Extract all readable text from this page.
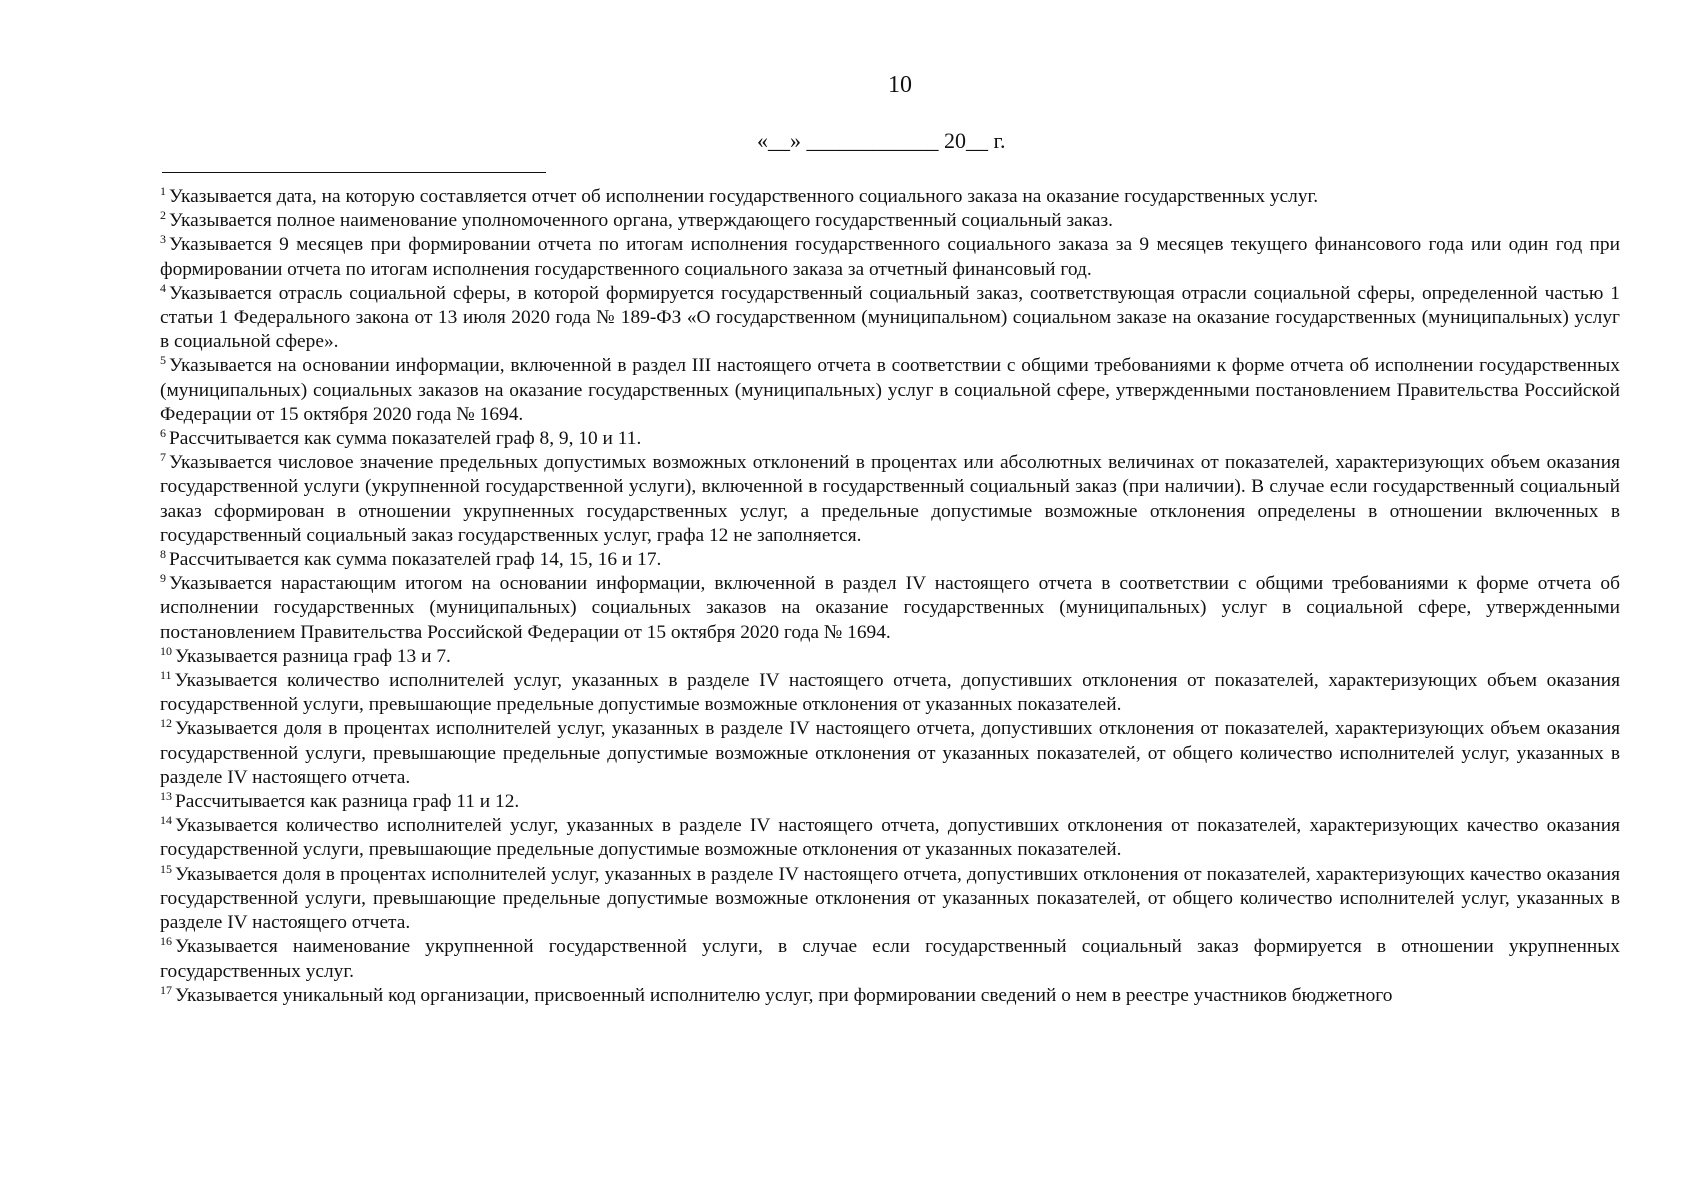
10
«__» ____________ 20__ г.

$^1$ Указывается дата, на которую составляется отчет об исполнении государственного социального заказа на оказание государственных услуг.

$^2$ Указывается полное наименование уполномоченного органа, утверждающего государственный социальный заказ.

$^3$ Указывается 9 месяцев при формировании отчета по итогам исполнения государственного социального заказа за 9 месяцев текущего финансового года или один год при формировании отчета по итогам исполнения государственного социального заказа за отчетный финансовый год.

$^4$ Указывается отрасль социальной сферы, в которой формируется государственный социальный заказ, соответствующая отрасли социальной сферы, определенной частью 1 статьи 1 Федерального закона от 13 июля 2020 года № 189-ФЗ «О государственном (муниципальном) социальном заказе на оказание государственных (муниципальных) услуг в социальной сфере».

$^5$ Указывается на основании информации, включенной в раздел III настоящего отчета в соответствии с общими требованиями к форме отчета об исполнении государственных (муниципальных) социальных заказов на оказание государственных (муниципальных) услуг в социальной сфере, утвержденными постановлением Правительства Российской Федерации от 15 октября 2020 года № 1694.

$^6$ Рассчитывается как сумма показателей граф 8, 9, 10 и 11.

$^7$ Указывается числовое значение предельных допустимых возможных отклонений в процентах или абсолютных величинах от показателей, характеризующих объем оказания государственной услуги (укрупненной государственной услуги), включенной в государственный социальный заказ (при наличии). В случае если государственный социальный заказ сформирован в отношении укрупненных государственных услуг, а предельные допустимые возможные отклонения определены в отношении включенных в государственный социальный заказ государственных услуг, графа 12 не заполняется.

$^8$ Рассчитывается как сумма показателей граф 14, 15, 16 и 17.

$^9$ Указывается нарастающим итогом на основании информации, включенной в раздел IV настоящего отчета в соответствии с общими требованиями к форме отчета об исполнении государственных (муниципальных) социальных заказов на оказание государственных (муниципальных) услуг в социальной сфере, утвержденными постановлением Правительства Российской Федерации от 15 октября 2020 года № 1694.

$^{10}$ Указывается разница граф 13 и 7.

$^{11}$ Указывается количество исполнителей услуг, указанных в разделе IV настоящего отчета, допустивших отклонения от показателей, характеризующих объем оказания государственной услуги, превышающие предельные допустимые возможные отклонения от указанных показателей.

$^{12}$ Указывается доля в процентах исполнителей услуг, указанных в разделе IV настоящего отчета, допустивших отклонения от показателей, характеризующих объем оказания государственной услуги, превышающие предельные допустимые возможные отклонения от указанных показателей, от общего количество исполнителей услуг, указанных в разделе IV настоящего отчета.

$^{13}$ Рассчитывается как разница граф 11 и 12.

$^{14}$ Указывается количество исполнителей услуг, указанных в разделе IV настоящего отчета, допустивших отклонения от показателей, характеризующих качество оказания государственной услуги, превышающие предельные допустимые возможные отклонения от указанных показателей.

$^{15}$ Указывается доля в процентах исполнителей услуг, указанных в разделе IV настоящего отчета, допустивших отклонения от показателей, характеризующих качество оказания государственной услуги, превышающие предельные допустимые возможные отклонения от указанных показателей, от общего количество исполнителей услуг, указанных в разделе IV настоящего отчета.

$^{16}$ Указывается наименование укрупненной государственной услуги, в случае если государственный социальный заказ формируется в отношении укрупненных государственных услуг.

$^{17}$ Указывается уникальный код организации, присвоенный исполнителю услуг, при формировании сведений о нем в реестре участников бюджетного
